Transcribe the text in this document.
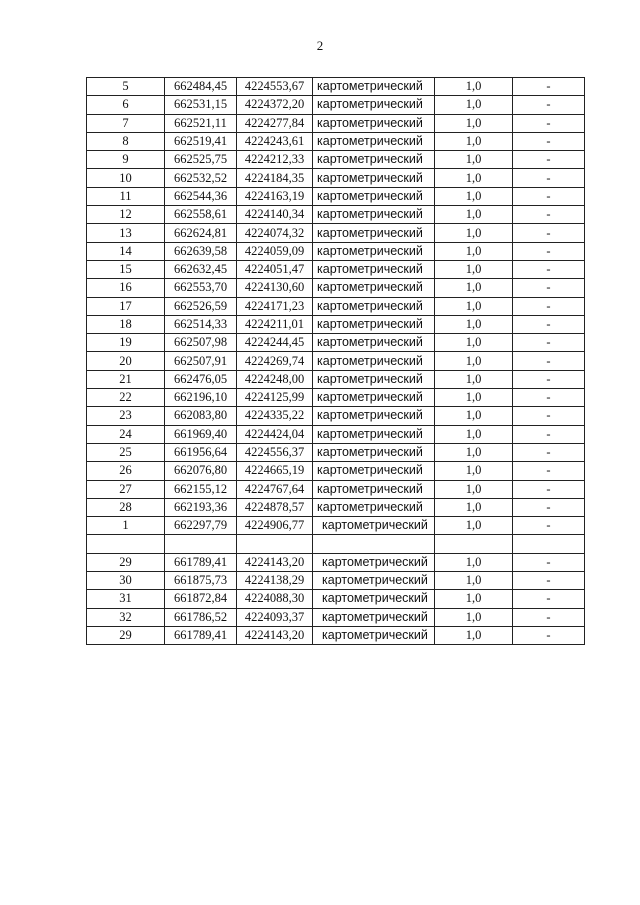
2
5	662484,45	4224553,67	картометрический	1,0	-
6	662531,15	4224372,20	картометрический	1,0	-
7	662521,11	4224277,84	картометрический	1,0	-
8	662519,41	4224243,61	картометрический	1,0	-
9	662525,75	4224212,33	картометрический	1,0	-
10	662532,52	4224184,35	картометрический	1,0	-
11	662544,36	4224163,19	картометрический	1,0	-
12	662558,61	4224140,34	картометрический	1,0	-
13	662624,81	4224074,32	картометрический	1,0	-
14	662639,58	4224059,09	картометрический	1,0	-
15	662632,45	4224051,47	картометрический	1,0	-
16	662553,70	4224130,60	картометрический	1,0	-
17	662526,59	4224171,23	картометрический	1,0	-
18	662514,33	4224211,01	картометрический	1,0	-
19	662507,98	4224244,45	картометрический	1,0	-
20	662507,91	4224269,74	картометрический	1,0	-
21	662476,05	4224248,00	картометрический	1,0	-
22	662196,10	4224125,99	картометрический	1,0	-
23	662083,80	4224335,22	картометрический	1,0	-
24	661969,40	4224424,04	картометрический	1,0	-
25	661956,64	4224556,37	картометрический	1,0	-
26	662076,80	4224665,19	картометрический	1,0	-
27	662155,12	4224767,64	картометрический	1,0	-
28	662193,36	4224878,57	картометрический	1,0	-
1	662297,79	4224906,77	картометрический	1,0	-

29	661789,41	4224143,20	картометрический	1,0	-
30	661875,73	4224138,29	картометрический	1,0	-
31	661872,84	4224088,30	картометрический	1,0	-
32	661786,52	4224093,37	картометрический	1,0	-
29	661789,41	4224143,20	картометрический	1,0	-
